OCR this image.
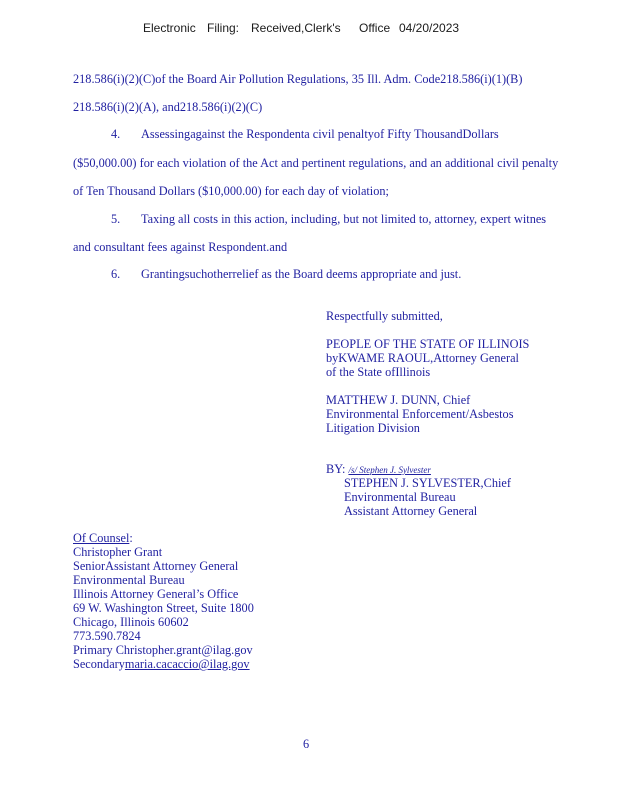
Electronic Filing: Received,Clerk's Office 04/20/2023
218.586(i)(2)(C)of the Board Air Pollution Regulations, 35 Ill. Adm. Code218.586(i)(1)(B)
218.586(i)(2)(A), and218.586(i)(2)(C)
4. Assessingagainst the Respondenta civil penaltyof Fifty ThousandDollars
($50,000.00) for each violation of the Act and pertinent regulations, and an additional civil penalty
of Ten Thousand Dollars ($10,000.00) for each day of violation;
5. Taxing all costs in this action, including, but not limited to, attorney, expert witnes
and consultant fees against Respondent.and
6. Grantingsuchotherrelief as the Board deems appropriate and just.
Respectfully submitted,
PEOPLE OF THE STATE OF ILLINOIS
byKWAME RAOUL,Attorney General
of the State ofIllinois
MATTHEW J. DUNN, Chief
Environmental Enforcement/Asbestos
Litigation Division
BY: /s/ Stephen J. Sylvester
STEPHEN J. SYLVESTER,Chief
Environmental Bureau
Assistant Attorney General
Of Counsel:
Christopher Grant
SeniorAssistant Attorney General
Environmental Bureau
Illinois Attorney General’s Office
69 W. Washington Street, Suite 1800
Chicago, Illinois 60602
773.590.7824
Primary Christopher.grant@ilag.gov
Secondarymaria.cacaccio@ilag.gov
6
